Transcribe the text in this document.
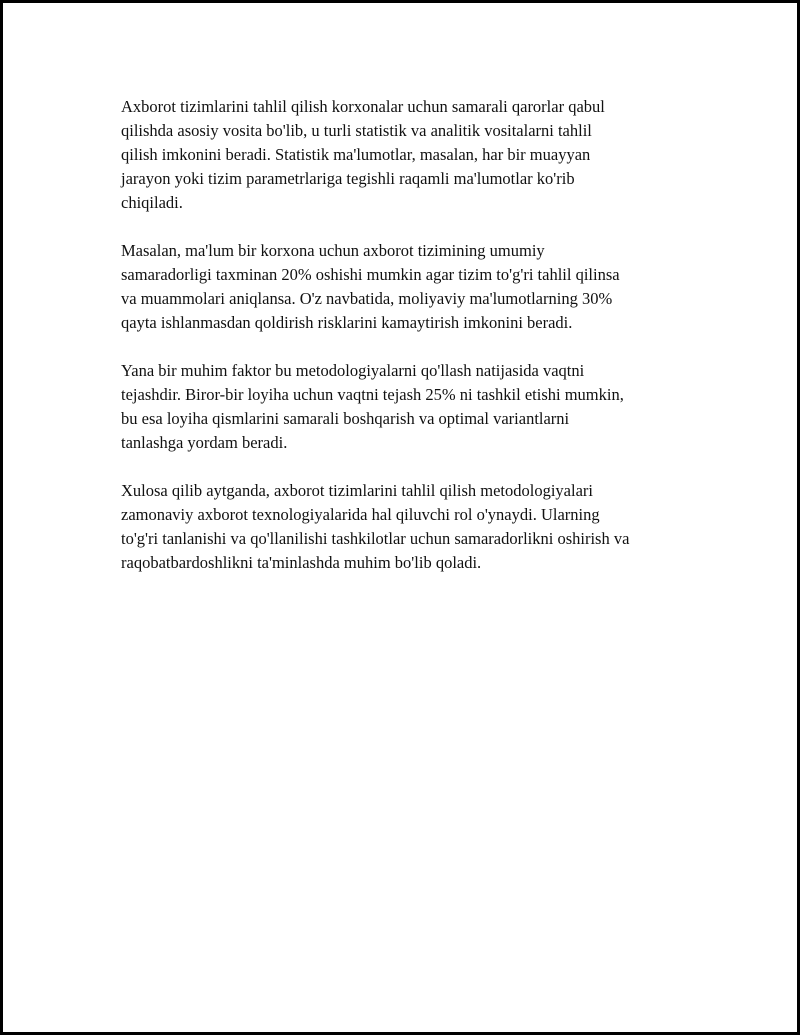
Axborot tizimlarini tahlil qilish korxonalar uchun samarali qarorlar qabul
qilishda asosiy vosita bo'lib, u turli statistik va analitik vositalarni tahlil
qilish imkonini beradi. Statistik ma'lumotlar, masalan, har bir muayyan
jarayon yoki tizim parametrlariga tegishli raqamli ma'lumotlar ko'rib
chiqiladi.

Masalan, ma'lum bir korxona uchun axborot tizimining umumiy
samaradorligi taxminan 20% oshishi mumkin agar tizim to'g'ri tahlil qilinsa
va muammolari aniqlansa. O'z navbatida, moliyaviy ma'lumotlarning 30%
qayta ishlanmasdan qoldirish risklarini kamaytirish imkonini beradi.

Yana bir muhim faktor bu metodologiyalarni qo'llash natijasida vaqtni
tejashdir. Biror-bir loyiha uchun vaqtni tejash 25% ni tashkil etishi mumkin,
bu esa loyiha qismlarini samarali boshqarish va optimal variantlarni
tanlashga yordam beradi.

Xulosa qilib aytganda, axborot tizimlarini tahlil qilish metodologiyalari
zamonaviy axborot texnologiyalarida hal qiluvchi rol o'ynaydi. Ularning
to'g'ri tanlanishi va qo'llanilishi tashkilotlar uchun samaradorlikni oshirish va
raqobatbardoshlikni ta'minlashda muhim bo'lib qoladi.
